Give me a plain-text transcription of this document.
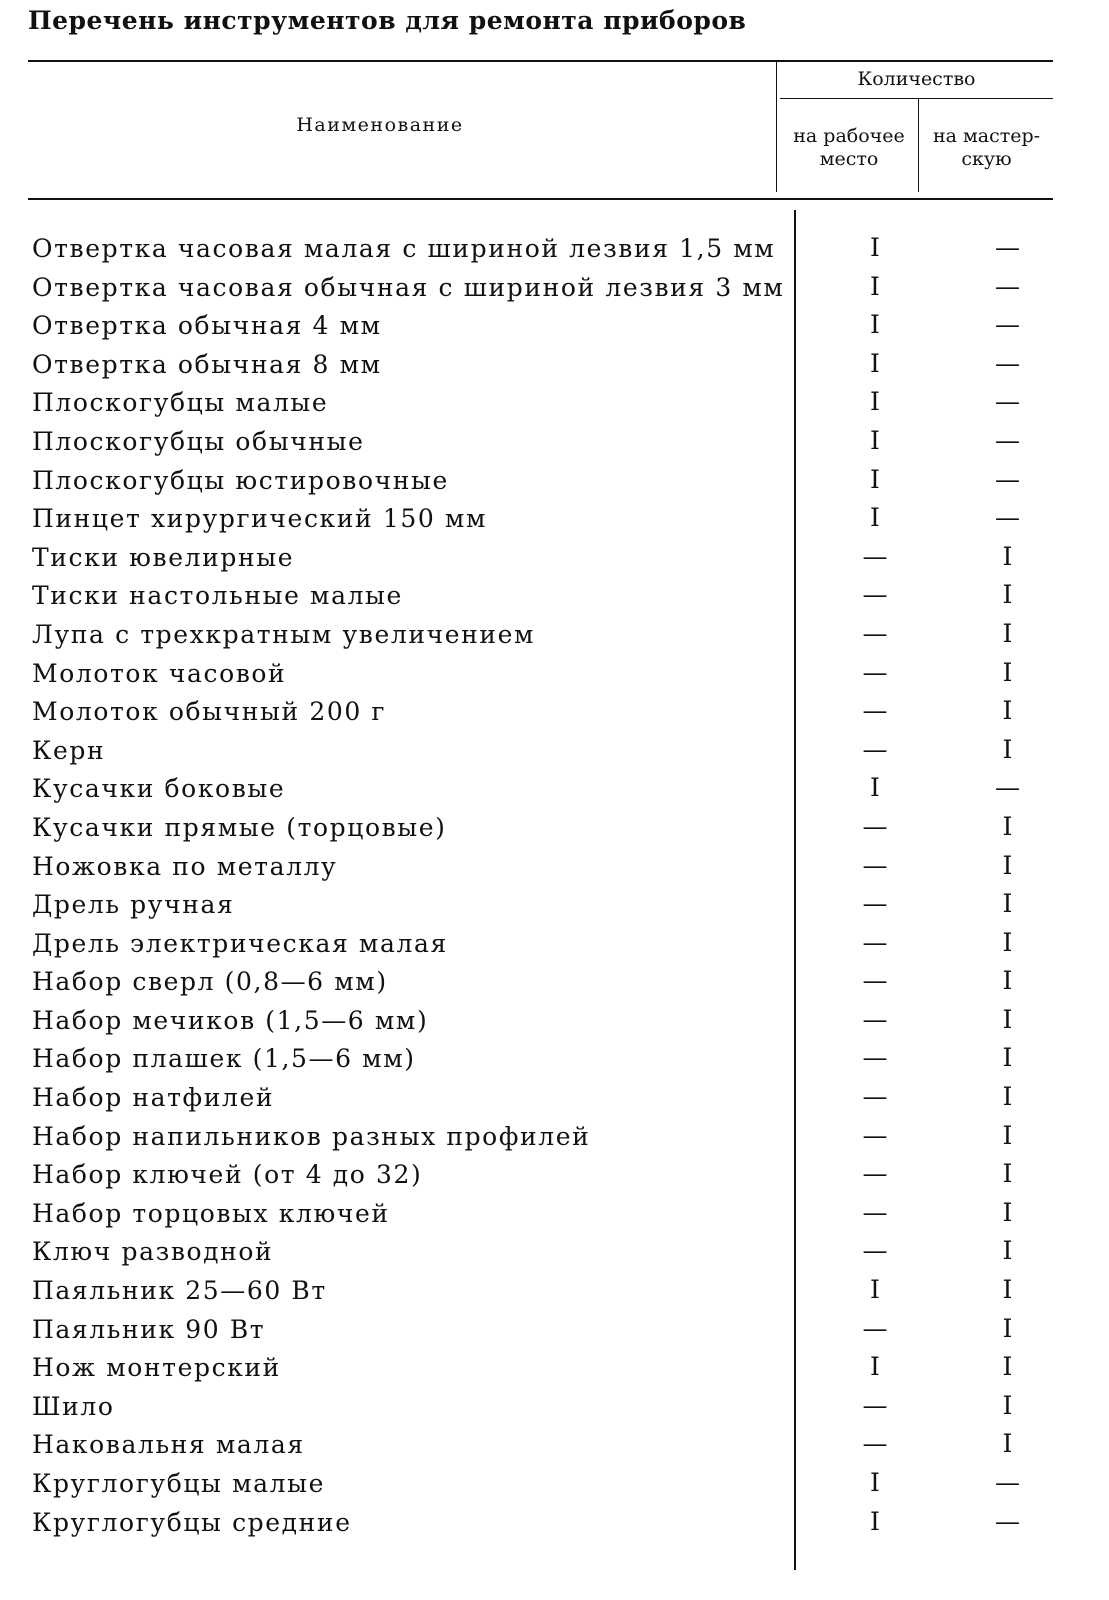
Перечень инструментов для ремонта приборов
Наименование
Количество
на рабочее место
на мастер-
скую
Отвертка часовая малая с шириной лезвия 1,5 мм	I	—
Отвертка часовая обычная с шириной лезвия 3 мм	I	—
Отвертка обычная 4 мм	I	—
Отвертка обычная 8 мм	I	—
Плоскогубцы малые	I	—
Плоскогубцы обычные	I	—
Плоскогубцы юстировочные	I	—
Пинцет хирургический 150 мм	I	—
Тиски ювелирные	—	I
Тиски настольные малые	—	I
Лупа с трехкратным увеличением	—	I
Молоток часовой	—	I
Молоток обычный 200 г	—	I
Керн	—	I
Кусачки боковые	I	—
Кусачки прямые (торцовые)	—	I
Ножовка по металлу	—	I
Дрель ручная	—	I
Дрель электрическая малая	—	I
Набор сверл (0,8—6 мм)	—	I
Набор мечиков (1,5—6 мм)	—	I
Набор плашек (1,5—6 мм)	—	I
Набор натфилей	—	I
Набор напильников разных профилей	—	I
Набор ключей (от 4 до 32)	—	I
Набор торцовых ключей	—	I
Ключ разводной	—	I
Паяльник 25—60 Вт	I	I
Паяльник 90 Вт	—	I
Нож монтерский	I	I
Шило	—	I
Наковальня малая	—	I
Круглогубцы малые	I	—
Круглогубцы средние	I	—
